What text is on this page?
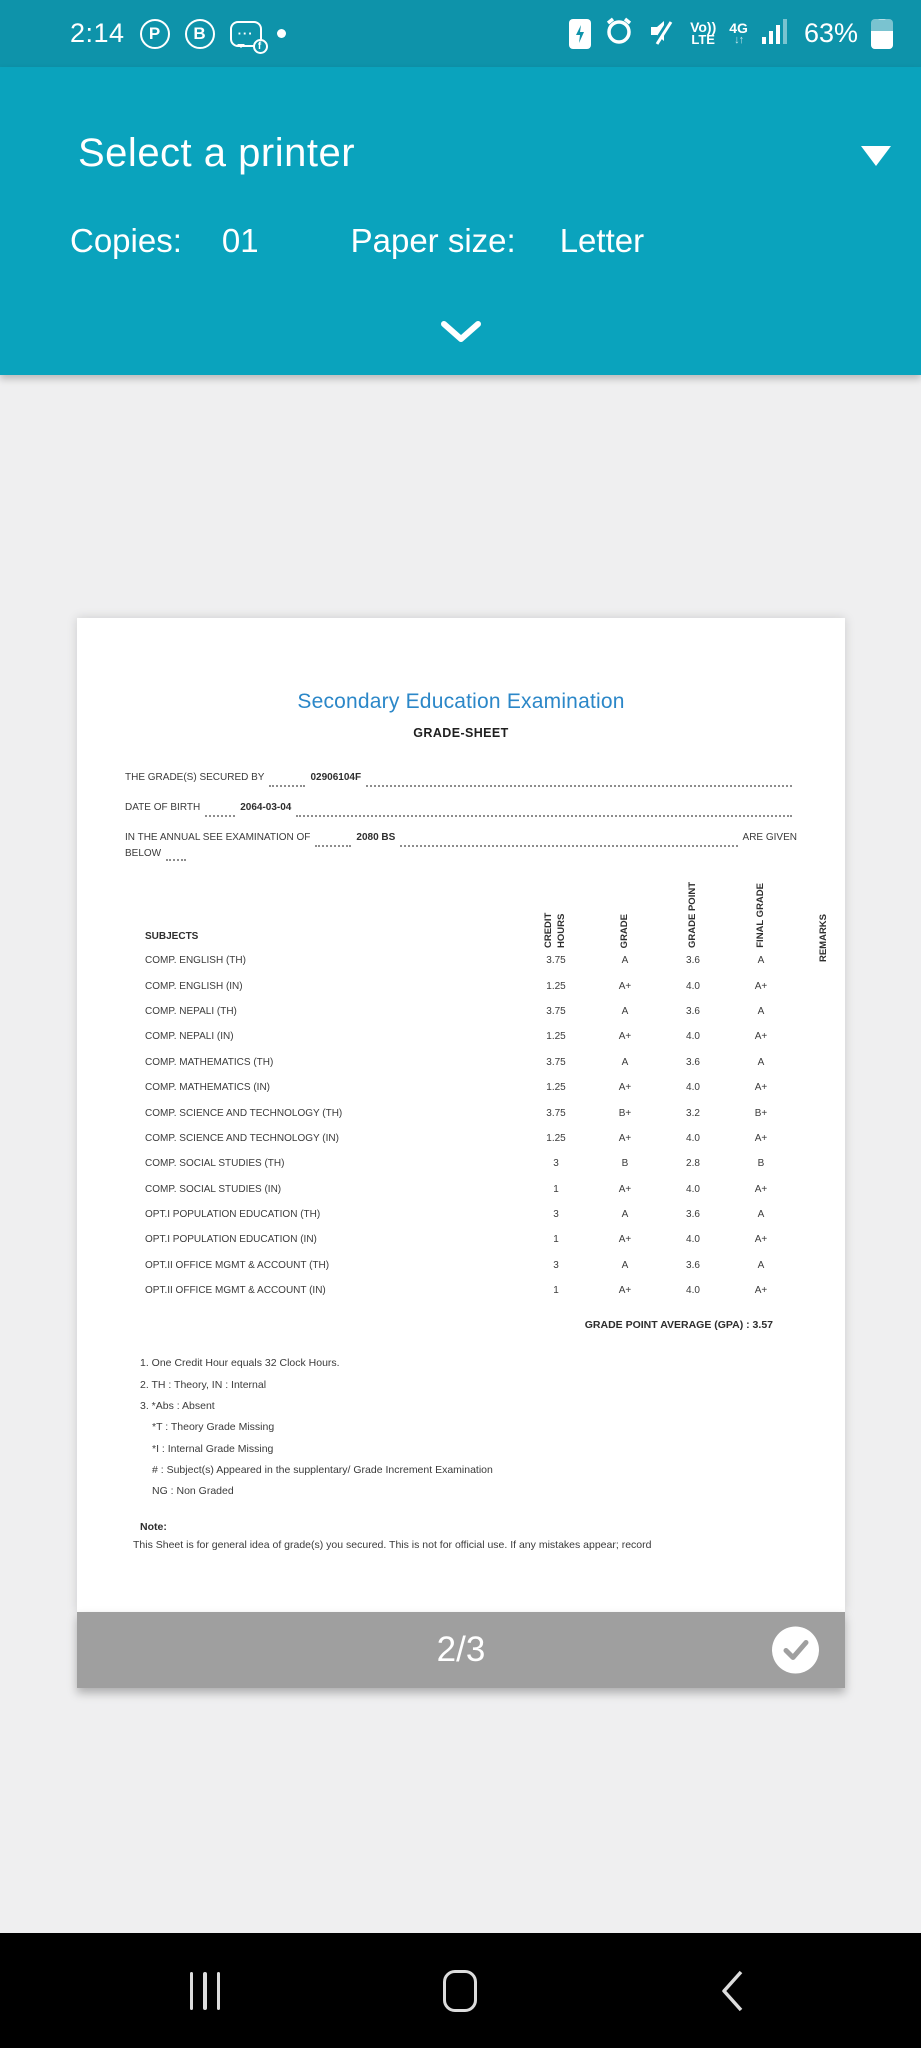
2:14	P	B	···
f
Vo))
LTE
4G
↓↑ 63%
Select a printer
Copies: 01	Paper size: Letter
Secondary Education Examination
GRADE-SHEET
THE GRADE(S) SECURED BY	02906104F
DATE OF BIRTH	2064-03-04
IN THE ANNUAL SEE EXAMINATION OF	2080 BS	ARE GIVEN
BELOW
SUBJECTS	CREDIT HOURS	GRADE	GRADE POINT	FINAL GRADE	REMARKS
COMP. ENGLISH (TH)	3.75	A	3.6	A
COMP. ENGLISH (IN)	1.25	A+	4.0	A+
COMP. NEPALI (TH)	3.75	A	3.6	A
COMP. NEPALI (IN)	1.25	A+	4.0	A+
COMP. MATHEMATICS (TH)	3.75	A	3.6	A
COMP. MATHEMATICS (IN)	1.25	A+	4.0	A+
COMP. SCIENCE AND TECHNOLOGY (TH)	3.75	B+	3.2	B+
COMP. SCIENCE AND TECHNOLOGY (IN)	1.25	A+	4.0	A+
COMP. SOCIAL STUDIES (TH)	3	B	2.8	B
COMP. SOCIAL STUDIES (IN)	1	A+	4.0	A+
OPT.I POPULATION EDUCATION (TH)	3	A	3.6	A
OPT.I POPULATION EDUCATION (IN)	1	A+	4.0	A+
OPT.II OFFICE MGMT & ACCOUNT (TH)	3	A	3.6	A
OPT.II OFFICE MGMT & ACCOUNT (IN)	1	A+	4.0	A+
GRADE POINT AVERAGE (GPA) : 3.57
1. One Credit Hour equals 32 Clock Hours.
2. TH : Theory, IN : Internal
3. *Abs : Absent
*T : Theory Grade Missing
*I : Internal Grade Missing
# : Subject(s) Appeared in the supplentary/ Grade Increment Examination
NG : Non Graded
Note:
This Sheet is for general idea of grade(s) you secured. This is not for official use. If any mistakes appear; record
2/3
